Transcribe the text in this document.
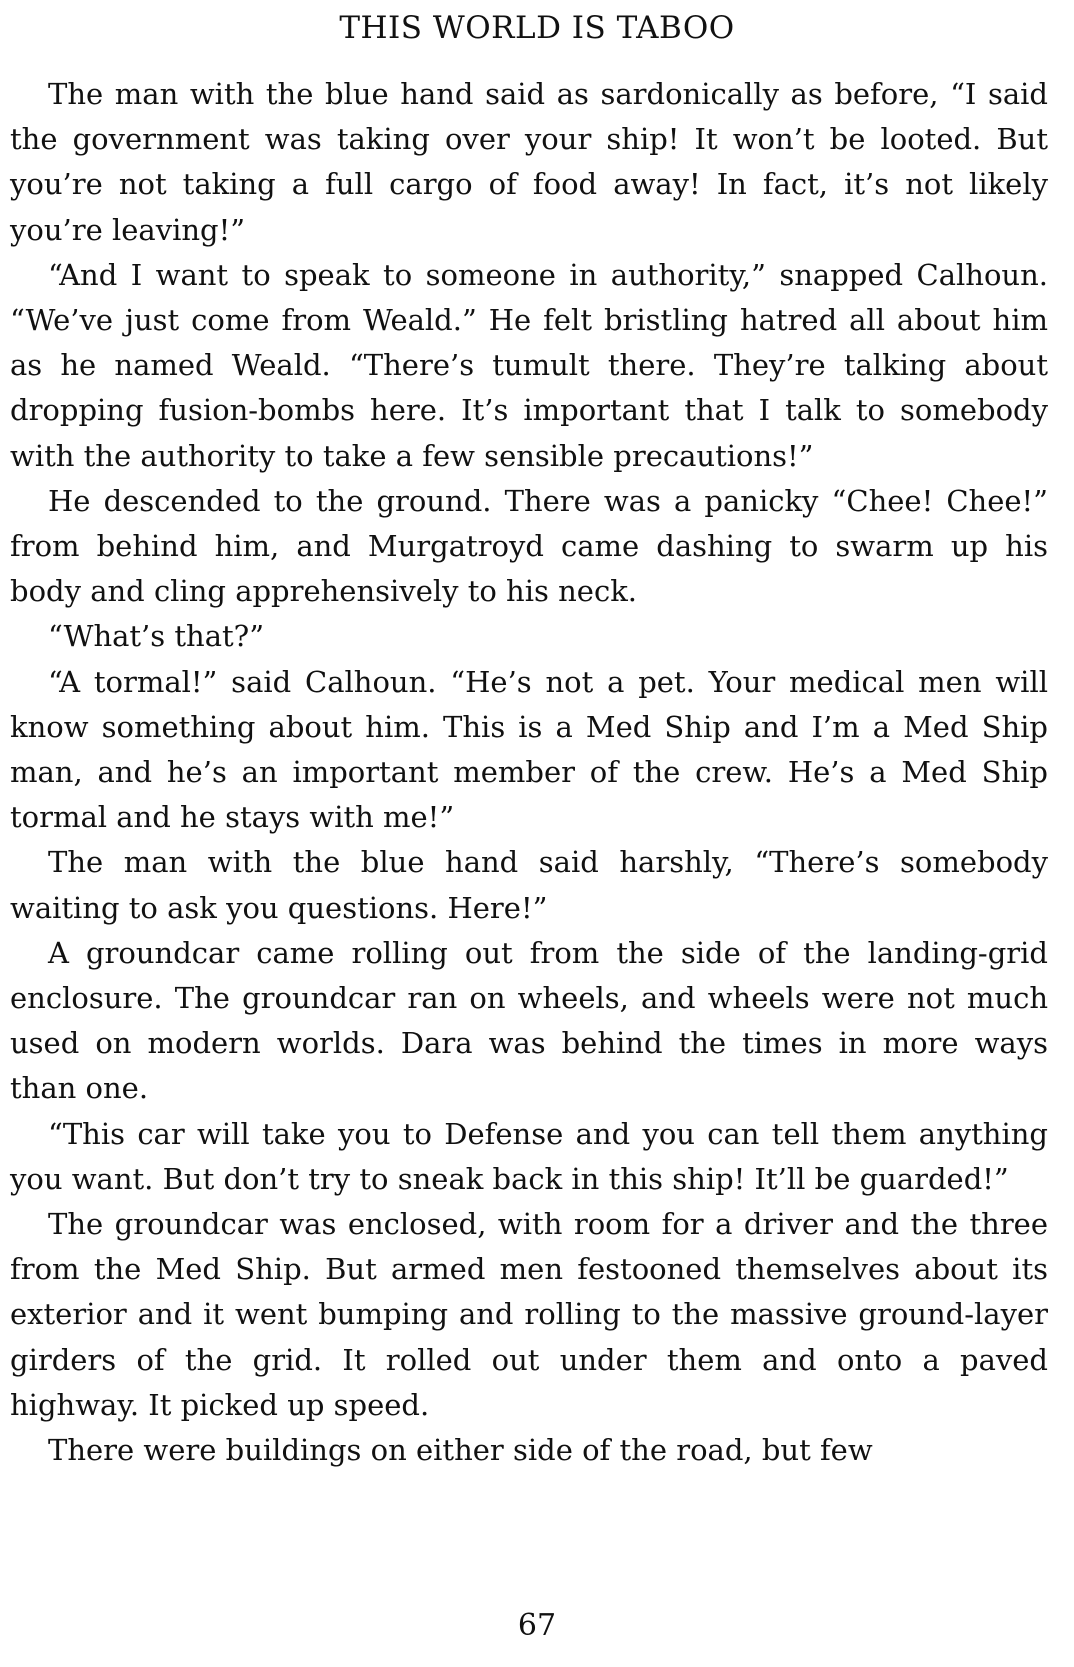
THIS WORLD IS TABOO

The man with the blue hand said as sardonically as before, “I said the government was taking over your ship! It won’t be looted. But you’re not taking a full cargo of food away! In fact, it’s not likely you’re leaving!”

“And I want to speak to someone in authority,” snapped Calhoun. “We’ve just come from Weald.” He felt bristling hatred all about him as he named Weald. “There’s tumult there. They’re talking about dropping fusion-bombs here. It’s important that I talk to somebody with the authority to take a few sensible precautions!”

He descended to the ground. There was a panicky “Chee! Chee!” from behind him, and Murgatroyd came dashing to swarm up his body and cling apprehensively to his neck.

“What’s that?”

“A tormal!” said Calhoun. “He’s not a pet. Your medical men will know something about him. This is a Med Ship and I’m a Med Ship man, and he’s an important member of the crew. He’s a Med Ship tormal and he stays with me!”

The man with the blue hand said harshly, “There’s somebody waiting to ask you questions. Here!”

A groundcar came rolling out from the side of the landing-grid enclosure. The groundcar ran on wheels, and wheels were not much used on modern worlds. Dara was behind the times in more ways than one.

“This car will take you to Defense and you can tell them anything you want. But don’t try to sneak back in this ship! It’ll be guarded!”

The groundcar was enclosed, with room for a driver and the three from the Med Ship. But armed men festooned themselves about its exterior and it went bumping and rolling to the massive ground-layer girders of the grid. It rolled out under them and onto a paved highway. It picked up speed.

There were buildings on either side of the road, but few

67
